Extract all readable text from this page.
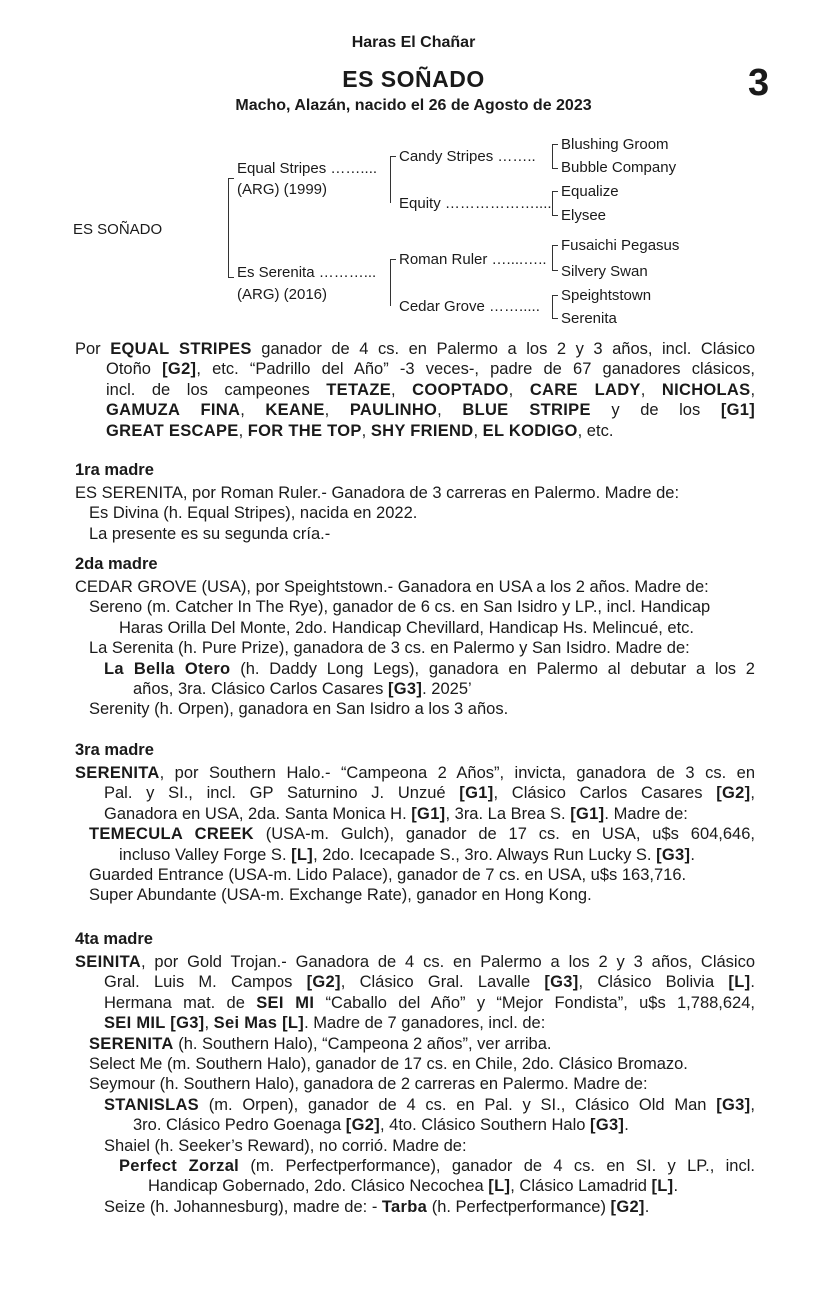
Haras El Chañar
ES SOÑADO
Macho, Alazán, nacido el 26 de Agosto de 2023
3
ES SOÑADO
Equal Stripes ……....
(ARG) (1999)
Es Serenita ………...
(ARG) (2016)
Candy Stripes ……..
Equity ………………....
Roman Ruler …....…..
Cedar Grove …….....
Blushing Groom
Bubble Company
Equalize
Elysee
Fusaichi Pegasus
Silvery Swan
Speightstown
Serenita
Por EQUAL STRIPES ganador de 4 cs. en Palermo a los 2 y 3 años, incl. Clásico
Otoño [G2], etc. “Padrillo del Año” -3 veces-, padre de 67 ganadores clásicos,
incl. de los campeones TETAZE, COOPTADO, CARE LADY, NICHOLAS,
GAMUZA FINA, KEANE, PAULINHO, BLUE STRIPE y de los [G1]
GREAT ESCAPE, FOR THE TOP, SHY FRIEND, EL KODIGO, etc.
1ra madre
ES SERENITA, por Roman Ruler.- Ganadora de 3 carreras en Palermo. Madre de:
Es Divina (h. Equal Stripes), nacida en 2022.
La presente es su segunda cría.-
2da madre
CEDAR GROVE (USA), por Speightstown.- Ganadora en USA a los 2 años. Madre de:
Sereno (m. Catcher In The Rye), ganador de 6 cs. en San Isidro y LP., incl. Handicap
Haras Orilla Del Monte, 2do. Handicap Chevillard, Handicap Hs. Melincué, etc.
La Serenita (h. Pure Prize), ganadora de 3 cs. en Palermo y San Isidro. Madre de:
La Bella Otero (h. Daddy Long Legs), ganadora en Palermo al debutar a los 2
años, 3ra. Clásico Carlos Casares [G3]. 2025’
Serenity (h. Orpen), ganadora en San Isidro a los 3 años.
3ra madre
SERENITA, por Southern Halo.- “Campeona 2 Años”, invicta, ganadora de 3 cs. en
Pal. y SI., incl. GP Saturnino J. Unzué [G1], Clásico Carlos Casares [G2],
Ganadora en USA, 2da. Santa Monica H. [G1], 3ra. La Brea S. [G1]. Madre de:
TEMECULA CREEK (USA-m. Gulch), ganador de 17 cs. en USA, u$s 604,646,
incluso Valley Forge S. [L], 2do. Icecapade S., 3ro. Always Run Lucky S. [G3].
Guarded Entrance (USA-m. Lido Palace), ganador de 7 cs. en USA, u$s 163,716.
Super Abundante (USA-m. Exchange Rate), ganador en Hong Kong.
4ta madre
SEINITA, por Gold Trojan.- Ganadora de 4 cs. en Palermo a los 2 y 3 años, Clásico
Gral. Luis M. Campos [G2], Clásico Gral. Lavalle [G3], Clásico Bolivia [L].
Hermana mat. de SEI MI “Caballo del Año” y “Mejor Fondista”, u$s 1,788,624,
SEI MIL [G3], Sei Mas [L]. Madre de 7 ganadores, incl. de:
SERENITA (h. Southern Halo), “Campeona 2 años”, ver arriba.
Select Me (m. Southern Halo), ganador de 17 cs. en Chile, 2do. Clásico Bromazo.
Seymour (h. Southern Halo), ganadora de 2 carreras en Palermo. Madre de:
STANISLAS (m. Orpen), ganador de 4 cs. en Pal. y SI., Clásico Old Man [G3],
3ro. Clásico Pedro Goenaga [G2], 4to. Clásico Southern Halo [G3].
Shaiel (h. Seeker’s Reward), no corrió. Madre de:
Perfect Zorzal (m. Perfectperformance), ganador de 4 cs. en SI. y LP., incl.
Handicap Gobernado, 2do. Clásico Necochea [L], Clásico Lamadrid [L].
Seize (h. Johannesburg), madre de: - Tarba (h. Perfectperformance) [G2].
